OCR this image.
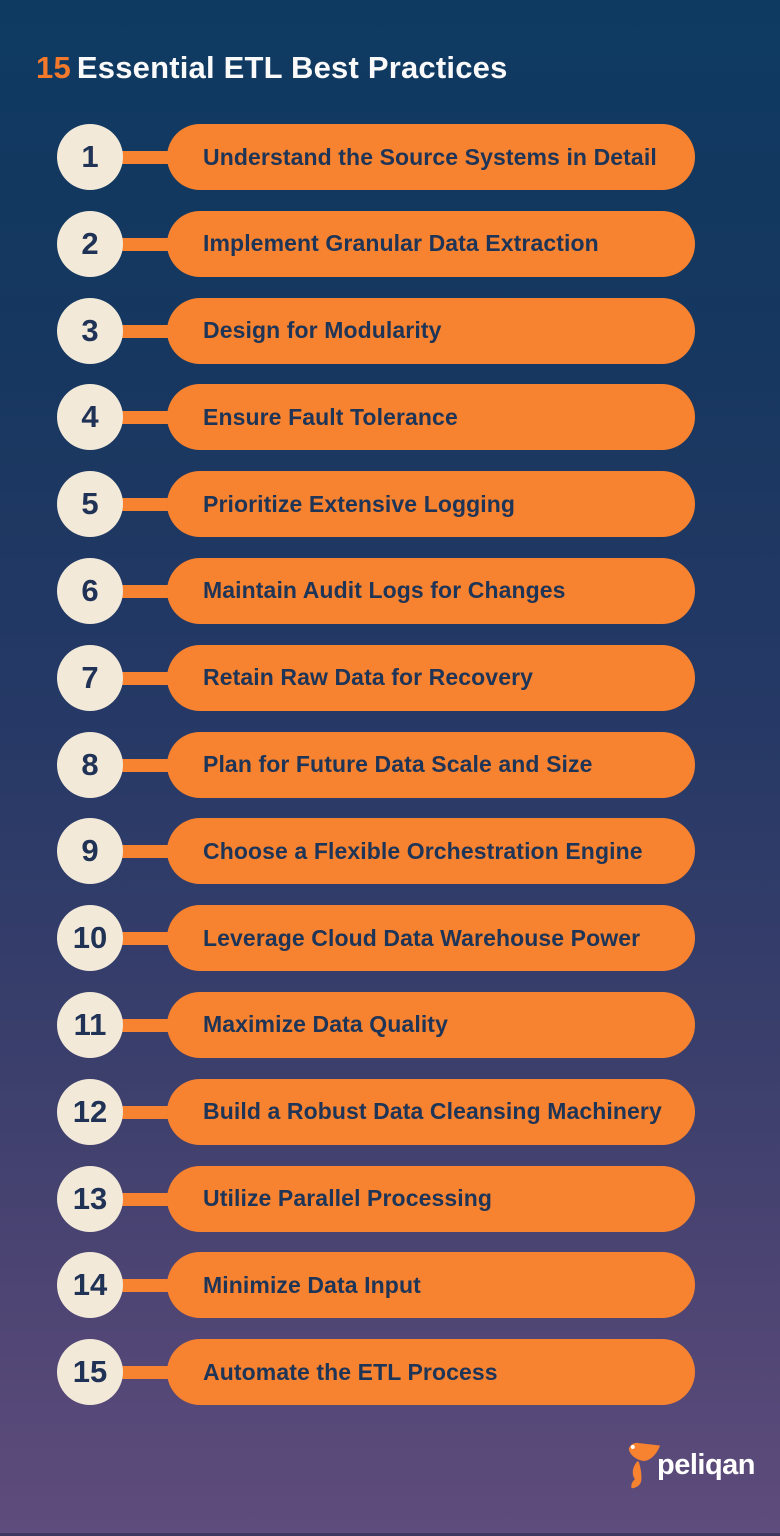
15 Essential ETL Best Practices
1	Understand the Source Systems in Detail
2	Implement Granular Data Extraction
3	Design for Modularity
4	Ensure Fault Tolerance
5	Prioritize Extensive Logging
6	Maintain Audit Logs for Changes
7	Retain Raw Data for Recovery
8	Plan for Future Data Scale and Size
9	Choose a Flexible Orchestration Engine
10	Leverage Cloud Data Warehouse Power
11	Maximize Data Quality
12	Build a Robust Data Cleansing Machinery
13	Utilize Parallel Processing
14	Minimize Data Input
15	Automate the ETL Process
peliqan
